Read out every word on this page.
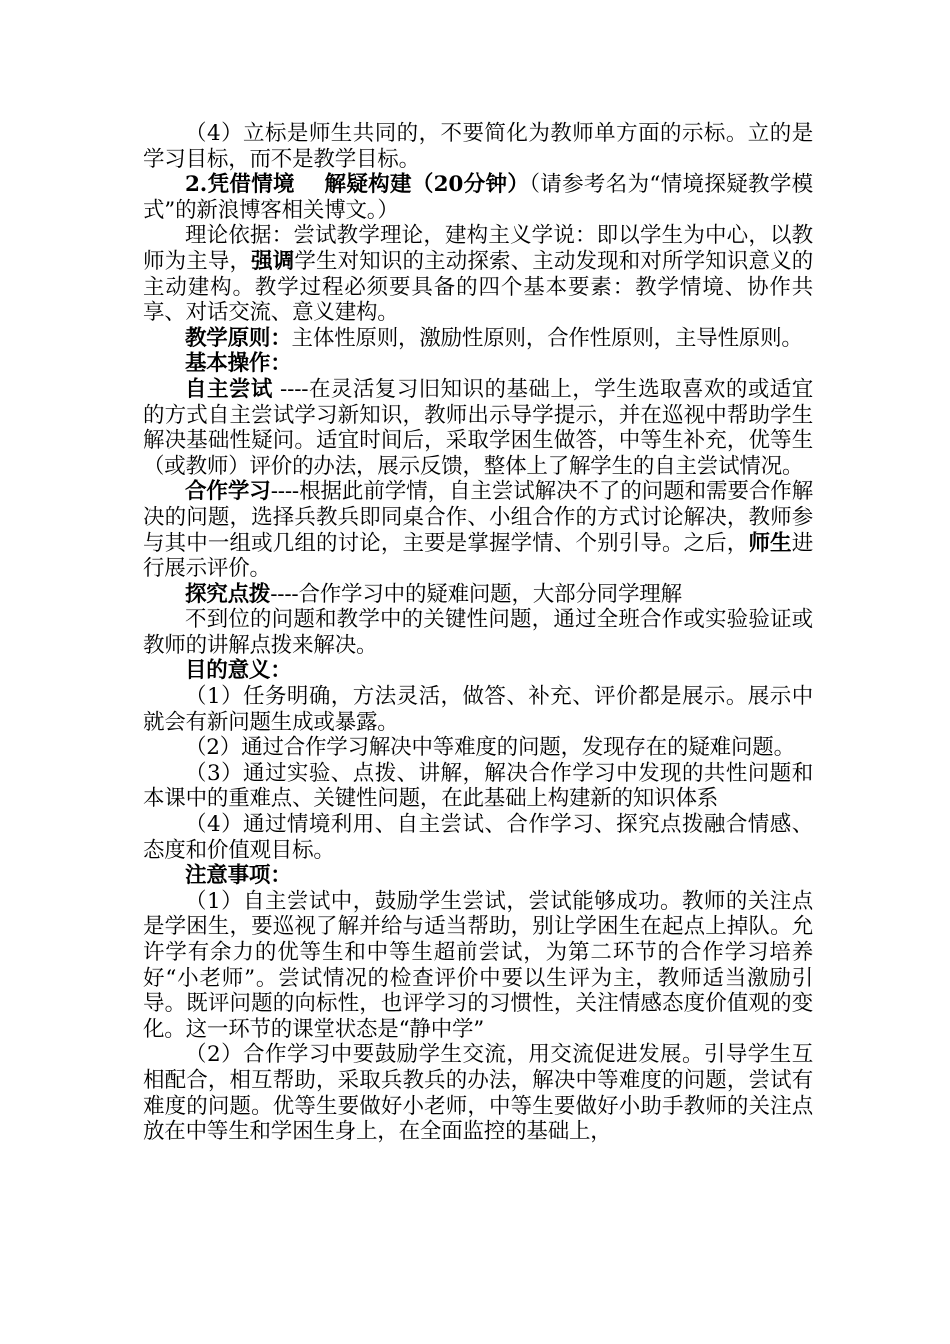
（4）立标是师生共同的，不要简化为教师单方面的示标。立的是学习目标，而不是教学目标。

2.凭借情境　 解疑构建（20分钟）（请参考名为“情境探疑教学模式”的新浪博客相关博文。）

理论依据：尝试教学理论，建构主义学说：即以学生为中心，以教师为主导，强调学生对知识的主动探索、主动发现和对所学知识意义的主动建构。教学过程必须要具备的四个基本要素：教学情境、协作共享、对话交流、意义建构。

教学原则：主体性原则，激励性原则，合作性原则，主导性原则。

基本操作：

自主尝试 ----在灵活复习旧知识的基础上，学生选取喜欢的或适宜的方式自主尝试学习新知识，教师出示导学提示，并在巡视中帮助学生解决基础性疑问。适宜时间后，采取学困生做答，中等生补充，优等生（或教师）评价的办法，展示反馈，整体上了解学生的自主尝试情况。

合作学习----根据此前学情，自主尝试解决不了的问题和需要合作解决的问题，选择兵教兵即同桌合作、小组合作的方式讨论解决，教师参与其中一组或几组的讨论，主要是掌握学情、个别引导。之后，师生进行展示评价。

探究点拨----合作学习中的疑难问题，大部分同学理解

不到位的问题和教学中的关键性问题，通过全班合作或实验验证或教师的讲解点拨来解决。

目的意义：

（1）任务明确，方法灵活，做答、补充、评价都是展示。展示中就会有新问题生成或暴露。

（2）通过合作学习解决中等难度的问题，发现存在的疑难问题。

（3）通过实验、点拨、讲解，解决合作学习中发现的共性问题和本课中的重难点、关键性问题，在此基础上构建新的知识体系

（4）通过情境利用、自主尝试、合作学习、探究点拨融合情感、态度和价值观目标。

注意事项：

（1）自主尝试中，鼓励学生尝试，尝试能够成功。教师的关注点是学困生，要巡视了解并给与适当帮助，别让学困生在起点上掉队。允许学有余力的优等生和中等生超前尝试，为第二环节的合作学习培养好“小老师”。尝试情况的检查评价中要以生评为主，教师适当激励引导。既评问题的向标性，也评学习的习惯性，关注情感态度价值观的变化。这一环节的课堂状态是“静中学”

（2）合作学习中要鼓励学生交流，用交流促进发展。引导学生互相配合，相互帮助，采取兵教兵的办法，解决中等难度的问题，尝试有难度的问题。优等生要做好小老师，中等生要做好小助手教师的关注点放在中等生和学困生身上，在全面监控的基础上，
